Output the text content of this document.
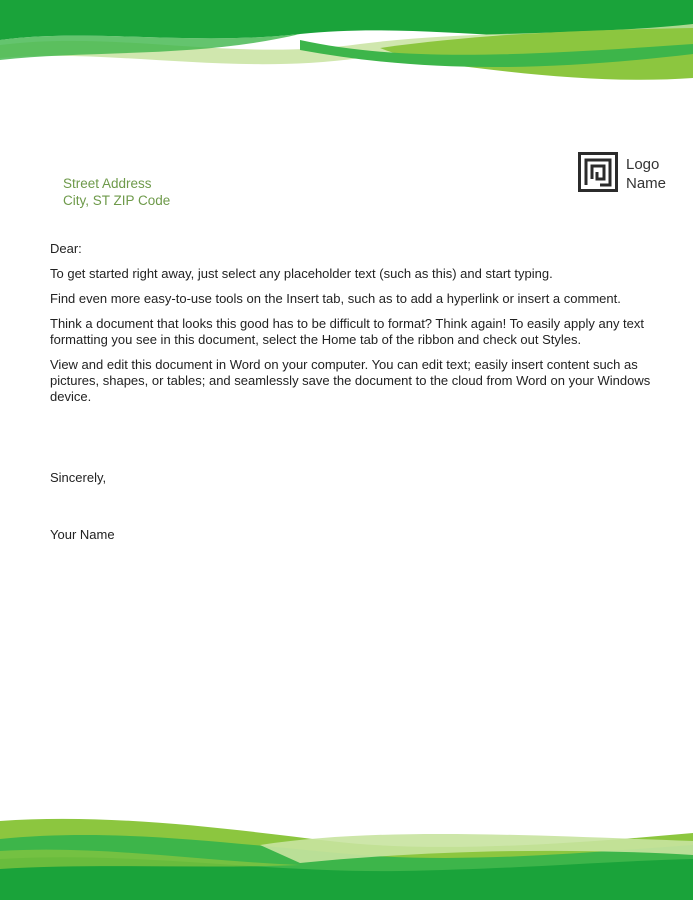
Street Address
City, ST ZIP Code
Logo
Name

Dear:

To get started right away, just select any placeholder text (such as this) and start typing.

Find even more easy-to-use tools on the Insert tab, such as to add a hyperlink or insert a comment.

Think a document that looks this good has to be difficult to format? Think again! To easily apply any text formatting you see in this document, select the Home tab of the ribbon and check out Styles.

View and edit this document in Word on your computer. You can edit text; easily insert content such as pictures, shapes, or tables; and seamlessly save the document to the cloud from Word on your Windows device.

Sincerely,
Your Name
